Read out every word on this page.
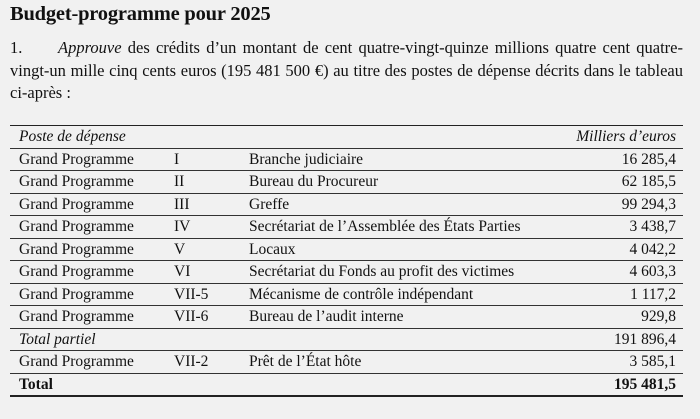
Budget-programme pour 2025
1. Approuve des crédits d’un montant de cent quatre-vingt-quinze millions quatre cent quatre-vingt-un mille cinq cents euros (195 481 500 €) au titre des postes de dépense décrits dans le tableau ci-après :
Poste de dépense			Milliers d’euros
Grand Programme	I	Branche judiciaire	16 285,4
Grand Programme	II	Bureau du Procureur	62 185,5
Grand Programme	III	Greffe	99 294,3
Grand Programme	IV	Secrétariat de l’Assemblée des États Parties	3 438,7
Grand Programme	V	Locaux	4 042,2
Grand Programme	VI	Secrétariat du Fonds au profit des victimes	4 603,3
Grand Programme	VII-5	Mécanisme de contrôle indépendant	1 117,2
Grand Programme	VII-6	Bureau de l’audit interne	929,8
Total partiel			191 896,4
Grand Programme	VII-2	Prêt de l’État hôte	3 585,1
Total			195 481,5
